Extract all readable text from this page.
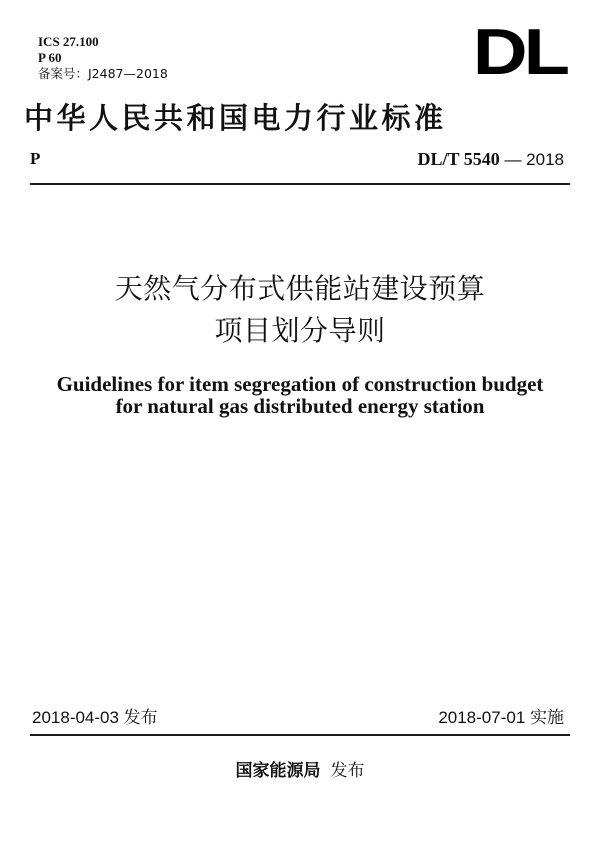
ICS 27.100
P 60
备案号：J2487—2018	DL
中华人民共和国电力行业标准
P	DL/T 5540 — 2018
天然气分布式供能站建设预算
项目划分导则
Guidelines for item segregation of construction budget
for natural gas distributed energy station
2018-04-03 发布	2018-07-01 实施
国家能源局 发布
